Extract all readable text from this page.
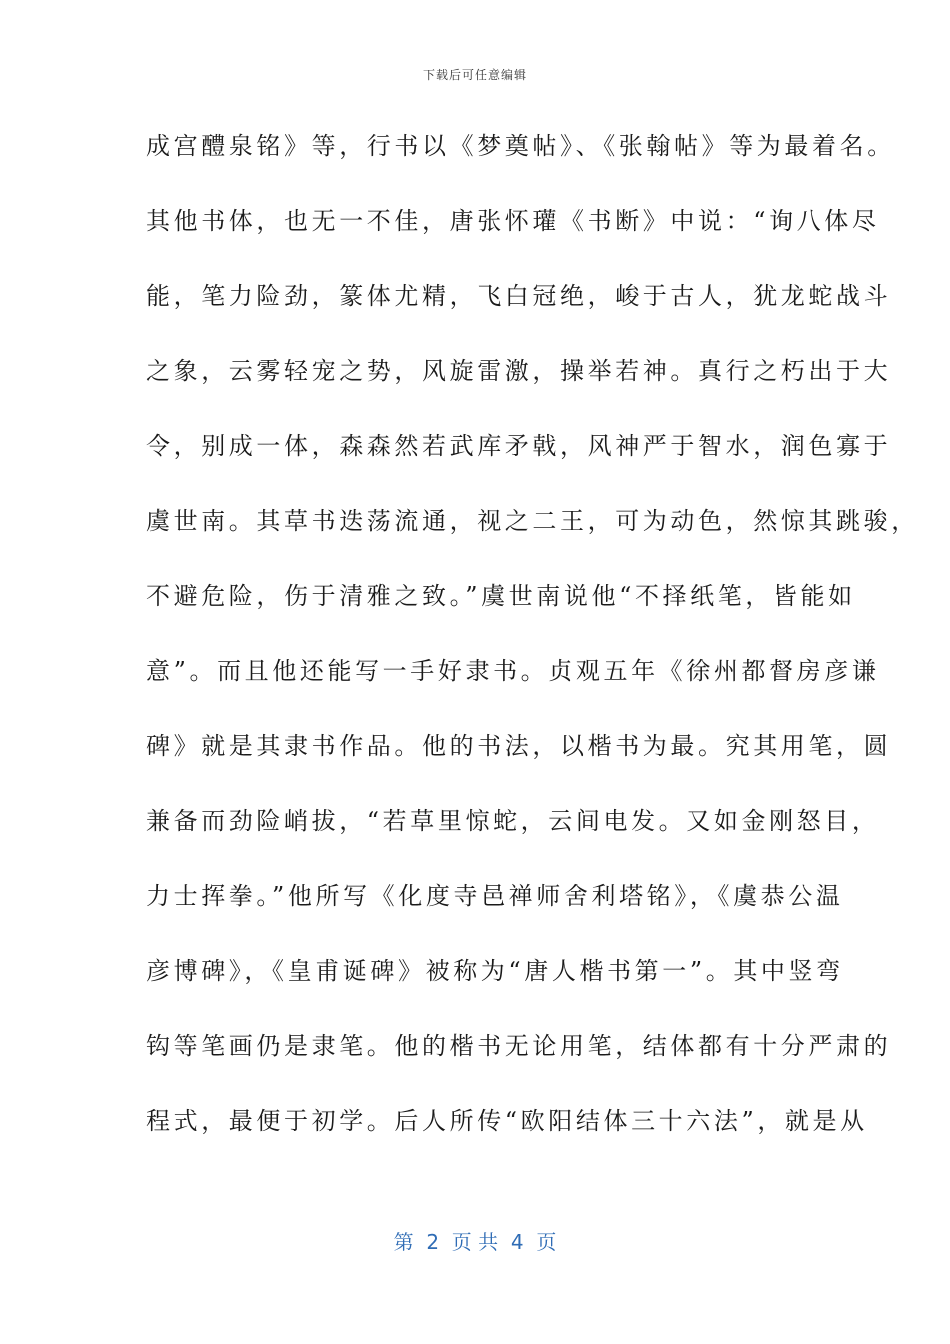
下载后可任意编辑
成宫醴泉铭》等，行书以《梦奠帖》、《张翰帖》等为最着名。
其他书体，也无一不佳，唐张怀瓘《书断》中说：“询八体尽
能，笔力险劲，篆体尤精，飞白冠绝，峻于古人，犹龙蛇战斗
之象，云雾轻宠之势，风旋雷激，操举若神。真行之朽出于大
令，别成一体，森森然若武库矛戟，风神严于智水，润色寡于
虞世南。其草书迭荡流通，视之二王，可为动色，然惊其跳骏，
不避危险，伤于清雅之致。”虞世南说他“不择纸笔，皆能如
意”。而且他还能写一手好隶书。贞观五年《徐州都督房彦谦
碑》就是其隶书作品。他的书法，以楷书为最。究其用笔，圆
兼备而劲险峭拔，“若草里惊蛇，云间电发。又如金刚怒目，
力士挥拳。”他所写《化度寺邑禅师舍利塔铭》，《虞恭公温
彦博碑》，《皇甫诞碑》被称为“唐人楷书第一”。其中竖弯
钩等笔画仍是隶笔。他的楷书无论用笔，结体都有十分严肃的
程式，最便于初学。后人所传“欧阳结体三十六法”，就是从
第  2  页 共  4  页
